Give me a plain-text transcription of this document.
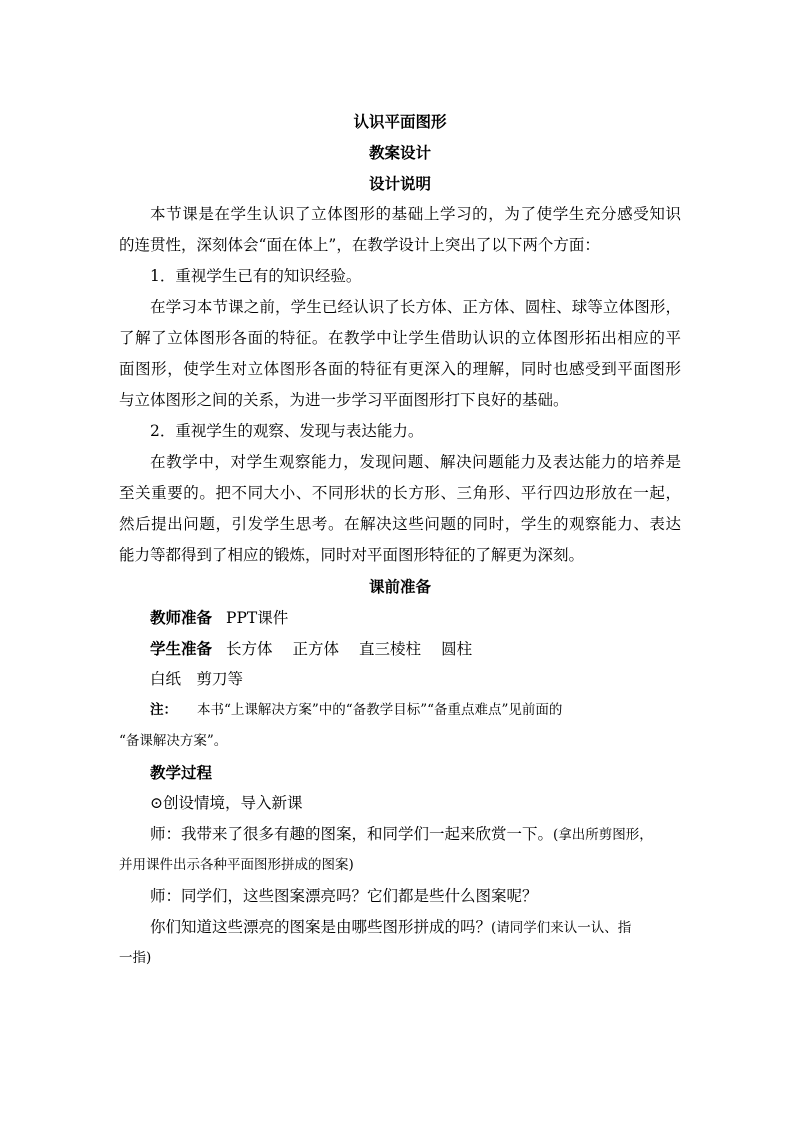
认识平面图形
教案设计
设计说明
本节课是在学生认识了立体图形的基础上学习的，为了使学生充分感受知识
的连贯性，深刻体会“面在体上”，在教学设计上突出了以下两个方面：
1．重视学生已有的知识经验。
在学习本节课之前，学生已经认识了长方体、正方体、圆柱、球等立体图形，
了解了立体图形各面的特征。在教学中让学生借助认识的立体图形拓出相应的平
面图形，使学生对立体图形各面的特征有更深入的理解，同时也感受到平面图形
与立体图形之间的关系，为进一步学习平面图形打下良好的基础。
2．重视学生的观察、发现与表达能力。
在教学中，对学生观察能力，发现问题、解决问题能力及表达能力的培养是
至关重要的。把不同大小、不同形状的长方形、三角形、平行四边形放在一起，
然后提出问题，引发学生思考。在解决这些问题的同时，学生的观察能力、表达
能力等都得到了相应的锻炼，同时对平面图形特征的了解更为深刻。
课前准备
教师准备 PPT课件
学生准备 长方体 正方体 直三棱柱 圆柱
白纸　剪刀等
注： 本书“上课解决方案”中的“备教学目标”“备重点难点”见前面的
“备课解决方案”。
教学过程
⊙创设情境，导入新课
师：我带来了很多有趣的图案，和同学们一起来欣赏一下。(拿出所剪图形，
并用课件出示各种平面图形拼成的图案)
师：同学们，这些图案漂亮吗？它们都是些什么图案呢？
你们知道这些漂亮的图案是由哪些图形拼成的吗？(请同学们来认一认、指
一指)
